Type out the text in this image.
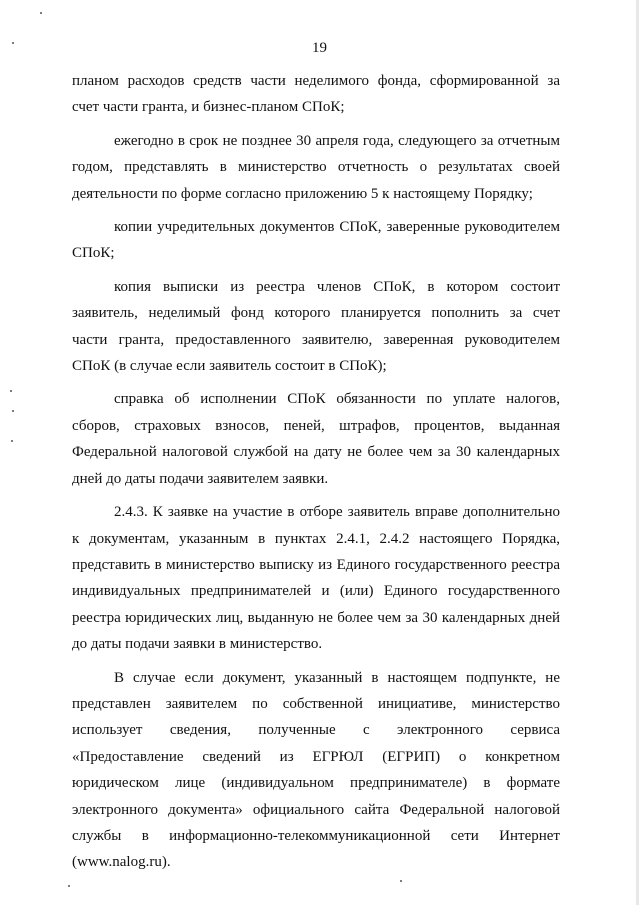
19
планом расходов средств части неделимого фонда, сформированной за
счет части гранта, и бизнес-планом СПоК;
ежегодно в срок не позднее 30 апреля года, следующего за отчетным
годом, представлять в министерство отчетность о результатах своей
деятельности по форме согласно приложению 5 к настоящему Порядку;
копии учредительных документов СПоК, заверенные руководителем
СПоК;
копия выписки из реестра членов СПоК, в котором состоит
заявитель, неделимый фонд которого планируется пополнить за счет
части гранта, предоставленного заявителю, заверенная руководителем
СПоК (в случае если заявитель состоит в СПоК);
справка об исполнении СПоК обязанности по уплате налогов,
сборов, страховых взносов, пеней, штрафов, процентов, выданная
Федеральной налоговой службой на дату не более чем за 30 календарных
дней до даты подачи заявителем заявки.
2.4.3. К заявке на участие в отборе заявитель вправе дополнительно
к документам, указанным в пунктах 2.4.1, 2.4.2 настоящего Порядка,
представить в министерство выписку из Единого государственного реестра
индивидуальных предпринимателей и (или) Единого государственного
реестра юридических лиц, выданную не более чем за 30 календарных дней
до даты подачи заявки в министерство.
В случае если документ, указанный в настоящем подпункте, не
представлен заявителем по собственной инициативе, министерство
использует сведения, полученные с электронного сервиса
«Предоставление сведений из ЕГРЮЛ (ЕГРИП) о конкретном
юридическом лице (индивидуальном предпринимателе) в формате
электронного документа» официального сайта Федеральной налоговой
службы в информационно-телекоммуникационной сети Интернет
(www.nalog.ru).
